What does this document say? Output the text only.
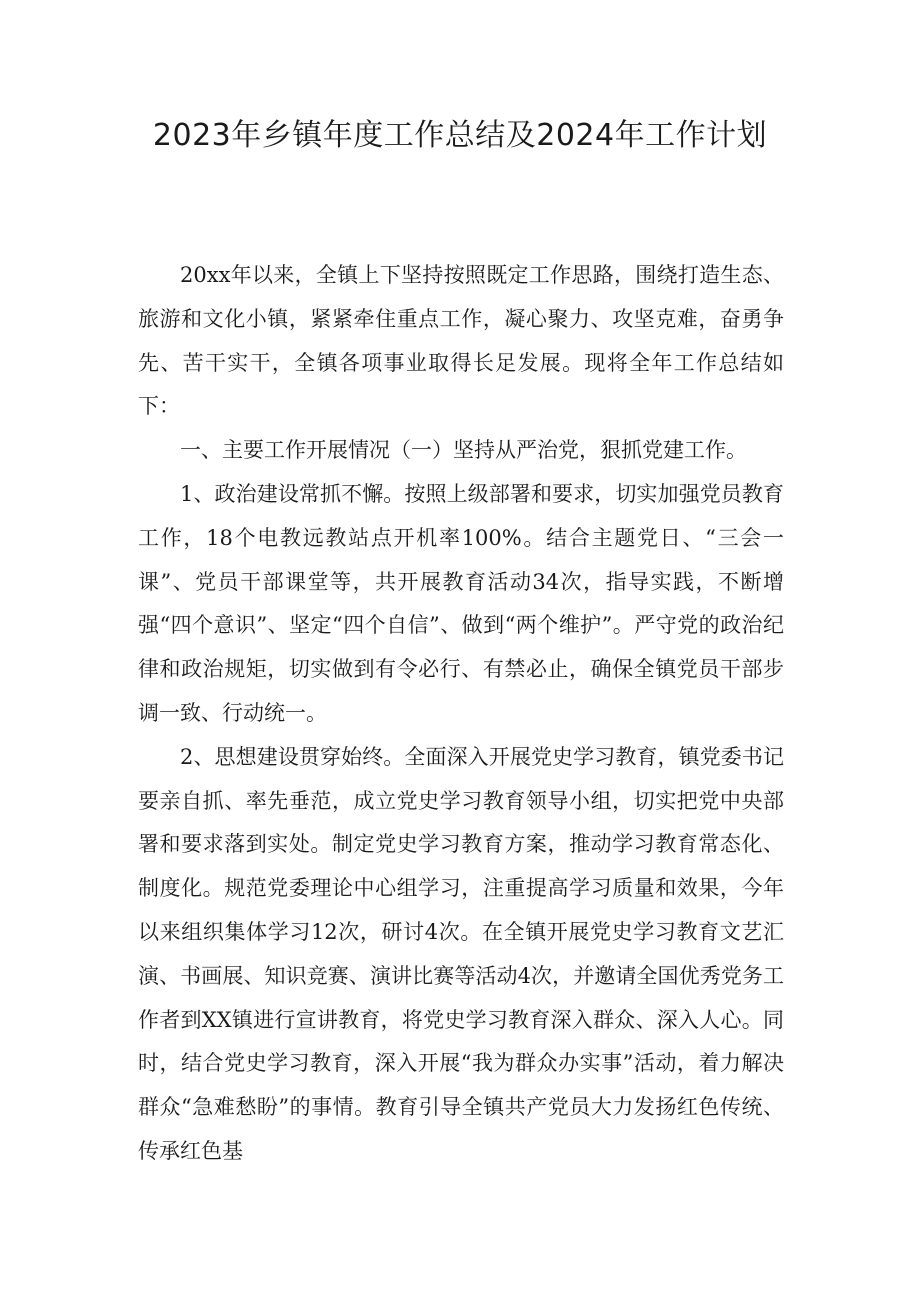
2023年乡镇年度工作总结及2024年工作计划

20xx年以来，全镇上下坚持按照既定工作思路，围绕打造生态、旅游和文化小镇，紧紧牵住重点工作，凝心聚力、攻坚克难，奋勇争先、苦干实干，全镇各项事业取得长足发展。现将全年工作总结如下：

一、主要工作开展情况（一）坚持从严治党，狠抓党建工作。

1、政治建设常抓不懈。按照上级部署和要求，切实加强党员教育工作，18个电教远教站点开机率100%。结合主题党日、“三会一课”、党员干部课堂等，共开展教育活动34次，指导实践，不断增强“四个意识”、坚定“四个自信”、做到“两个维护”。严守党的政治纪律和政治规矩，切实做到有令必行、有禁必止，确保全镇党员干部步调一致、行动统一。

2、思想建设贯穿始终。全面深入开展党史学习教育，镇党委书记要亲自抓、率先垂范，成立党史学习教育领导小组，切实把党中央部署和要求落到实处。制定党史学习教育方案，推动学习教育常态化、制度化。规范党委理论中心组学习，注重提高学习质量和效果，今年以来组织集体学习12次，研讨4次。在全镇开展党史学习教育文艺汇演、书画展、知识竞赛、演讲比赛等活动4次，并邀请全国优秀党务工作者到XX镇进行宣讲教育，将党史学习教育深入群众、深入人心。同时，结合党史学习教育，深入开展“我为群众办实事”活动，着力解决群众“急难愁盼”的事情。教育引导全镇共产党员大力发扬红色传统、传承红色基
